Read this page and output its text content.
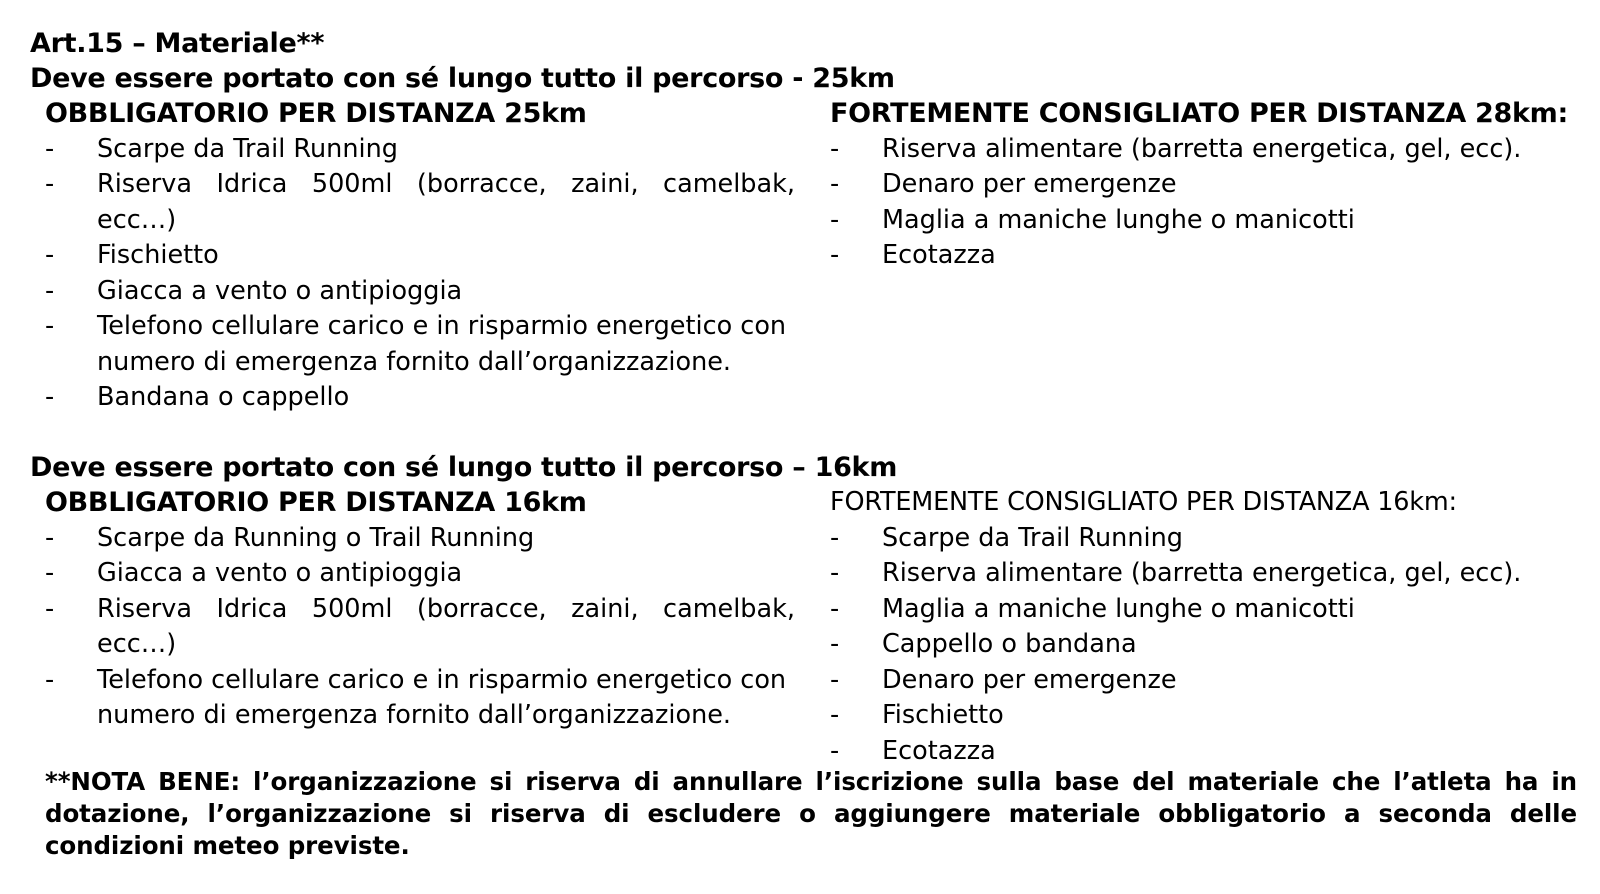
Art.15 – Materiale**
Deve essere portato con sé lungo tutto il percorso - 25km
OBBLIGATORIO PER DISTANZA 25km
-	Scarpe da Trail Running
-	Riserva Idrica 500ml (borracce, zaini, camelbak, ecc…)
-	Fischietto
-	Giacca a vento o antipioggia
-	Telefono cellulare carico e in risparmio energetico con numero di emergenza fornito dall’organizzazione.
-	Bandana o cappello
FORTEMENTE CONSIGLIATO PER DISTANZA 28km:
-	Riserva alimentare (barretta energetica, gel, ecc).
-	Denaro per emergenze
-	Maglia a maniche lunghe o manicotti
-	Ecotazza
Deve essere portato con sé lungo tutto il percorso – 16km
OBBLIGATORIO PER DISTANZA 16km
-	Scarpe da Running o Trail Running
-	Giacca a vento o antipioggia
-	Riserva Idrica 500ml (borracce, zaini, camelbak, ecc…)
-	Telefono cellulare carico e in risparmio energetico con numero di emergenza fornito dall’organizzazione.
FORTEMENTE CONSIGLIATO PER DISTANZA 16km:
-	Scarpe da Trail Running
-	Riserva alimentare (barretta energetica, gel, ecc).
-	Maglia a maniche lunghe o manicotti
-	Cappello o bandana
-	Denaro per emergenze
-	Fischietto
-	Ecotazza
**NOTA BENE: l’organizzazione si riserva di annullare l’iscrizione sulla base del materiale che l’atleta ha in dotazione, l’organizzazione si riserva di escludere o aggiungere materiale obbligatorio a seconda delle condizioni meteo previste.
